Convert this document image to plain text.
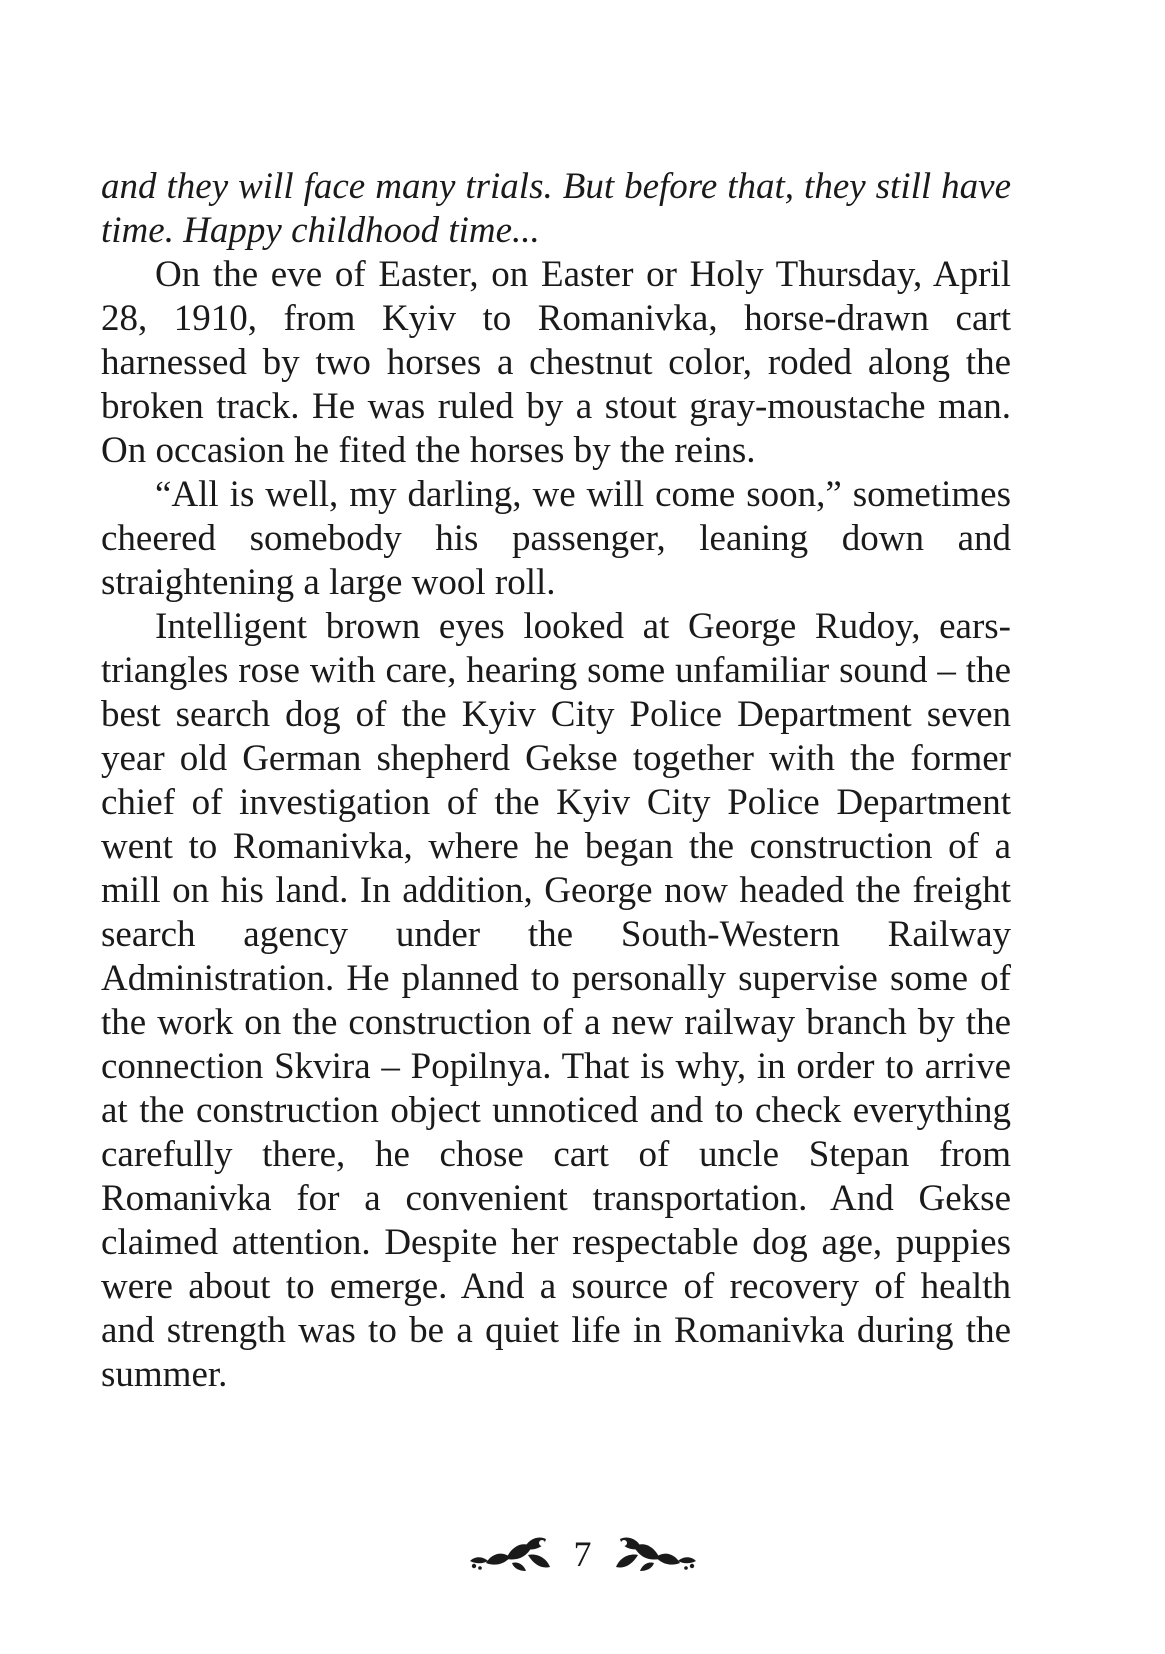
and they will face many trials. But before that, they still have time. Happy childhood time...

On the eve of Easter, on Easter or Holy Thursday, April 28, 1910, from Kyiv to Romanivka, horse-drawn cart harnessed by two horses a chestnut color, roded along the broken track. He was ruled by a stout gray-moustache man. On occasion he fited the horses by the reins.

“All is well, my darling, we will come soon,” sometimes cheered somebody his passenger, leaning down and straightening a large wool roll.

Intelligent brown eyes looked at George Rudoy, ears-triangles rose with care, hearing some unfamiliar sound – the best search dog of the Kyiv City Police Department seven year old German shepherd Gekse together with the former chief of investigation of the Kyiv City Police Department went to Romanivka, where he began the construction of a mill on his land. In addition, George now headed the freight search agency under the South-Western Railway Administration. He planned to personally supervise some of the work on the construction of a new railway branch by the connection Skvira – Popilnya. That is why, in order to arrive at the construction object unnoticed and to check everything carefully there, he chose cart of uncle Stepan from Romanivka for a convenient transportation. And Gekse claimed attention. Despite her respectable dog age, puppies were about to emerge. And a source of recovery of health and strength was to be a quiet life in Romanivka during the summer.

7
